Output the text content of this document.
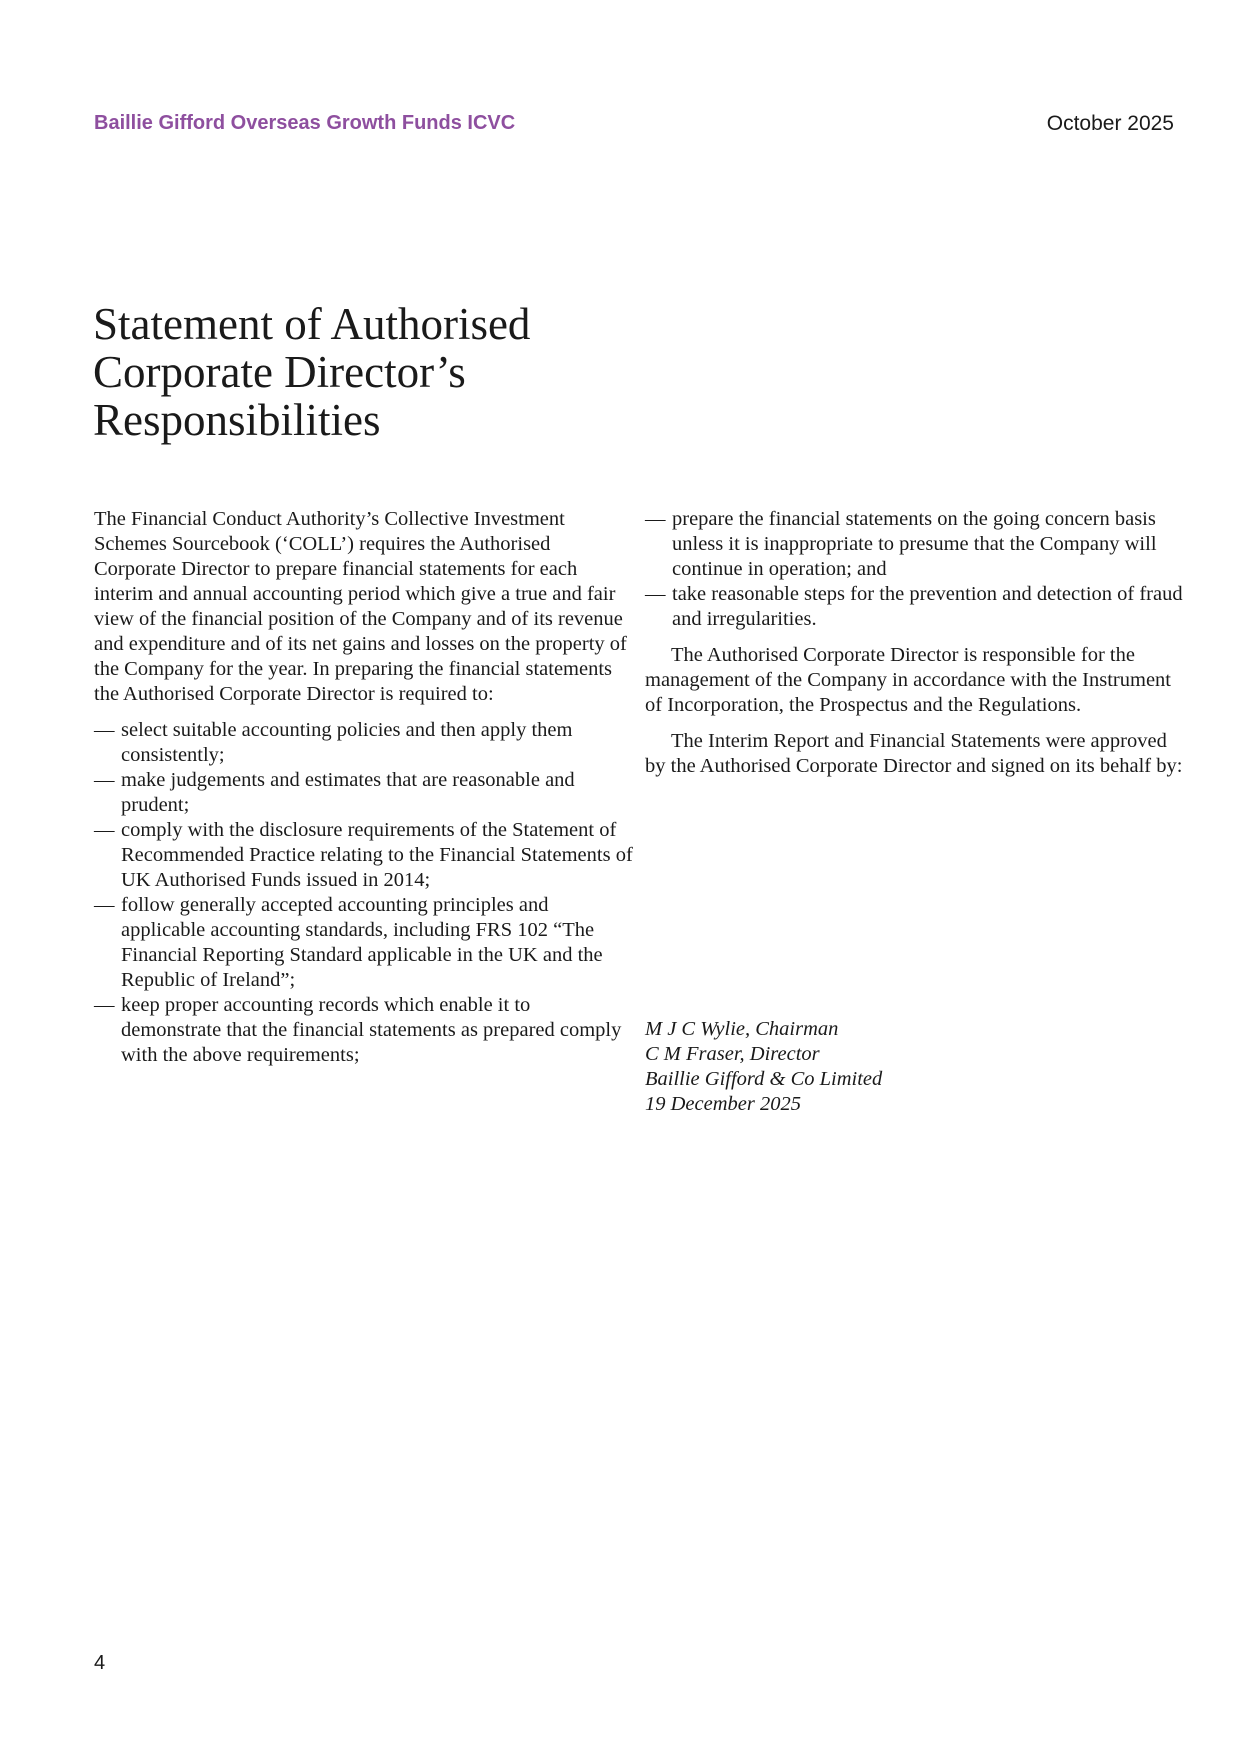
Baillie Gifford Overseas Growth Funds ICVC	October 2025
Statement of Authorised
Corporate Director’s
Responsibilities

The Financial Conduct Authority’s Collective Investment Schemes Sourcebook (‘COLL’) requires the Authorised Corporate Director to prepare financial statements for each interim and annual accounting period which give a true and fair view of the financial position of the Company and of its revenue and expenditure and of its net gains and losses on the property of the Company for the year. In preparing the financial statements the Authorised Corporate Director is required to:

— select suitable accounting policies and then apply them consistently;
— make judgements and estimates that are reasonable and prudent;
— comply with the disclosure requirements of the Statement of Recommended Practice relating to the Financial Statements of UK Authorised Funds issued in 2014;
— follow generally accepted accounting principles and applicable accounting standards, including FRS 102 “The Financial Reporting Standard applicable in the UK and the Republic of Ireland”;
— keep proper accounting records which enable it to demonstrate that the financial statements as prepared comply with the above requirements;
— prepare the financial statements on the going concern basis unless it is inappropriate to presume that the Company will continue in operation; and
— take reasonable steps for the prevention and detection of fraud and irregularities.

The Authorised Corporate Director is responsible for the management of the Company in accordance with the Instrument of Incorporation, the Prospectus and the Regulations.

The Interim Report and Financial Statements were approved by the Authorised Corporate Director and signed on its behalf by:

M J C Wylie, Chairman
C M Fraser, Director
Baillie Gifford & Co Limited
19 December 2025
4
